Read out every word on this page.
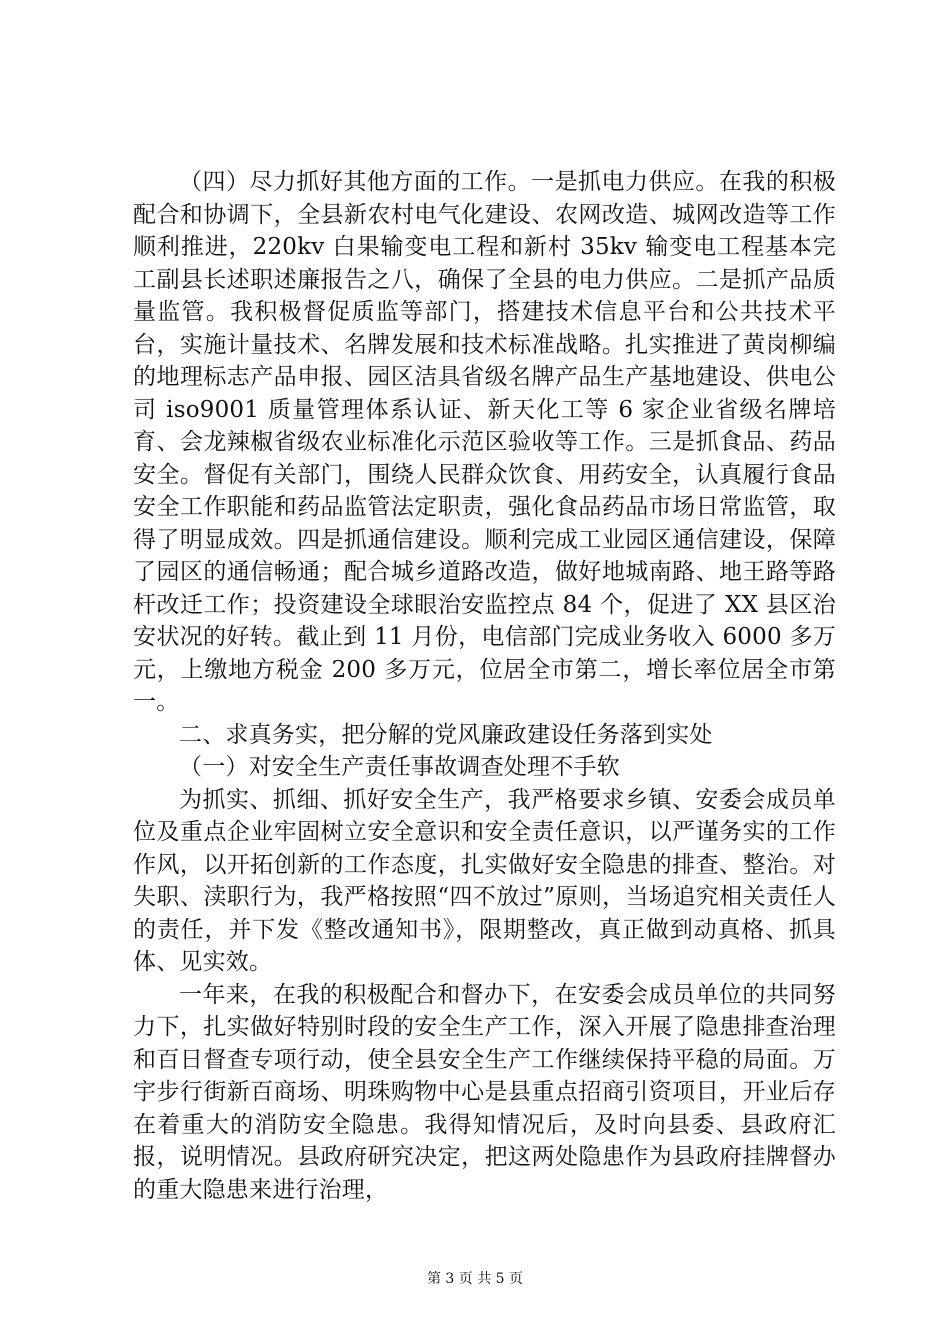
（四）尽力抓好其他方面的工作。一是抓电力供应。在我的积极配合和协调下，全县新农村电气化建设、农网改造、城网改造等工作顺利推进，220kv 白果输变电工程和新村 35kv 输变电工程基本完工副县长述职述廉报告之八，确保了全县的电力供应。二是抓产品质量监管。我积极督促质监等部门，搭建技术信息平台和公共技术平台，实施计量技术、名牌发展和技术标准战略。扎实推进了黄岗柳编的地理标志产品申报、园区洁具省级名牌产品生产基地建设、供电公司 iso9001 质量管理体系认证、新天化工等 6 家企业省级名牌培育、会龙辣椒省级农业标准化示范区验收等工作。三是抓食品、药品安全。督促有关部门，围绕人民群众饮食、用药安全，认真履行食品安全工作职能和药品监管法定职责，强化食品药品市场日常监管，取得了明显成效。四是抓通信建设。顺利完成工业园区通信建设，保障了园区的通信畅通；配合城乡道路改造，做好地城南路、地王路等路杆改迁工作；投资建设全球眼治安监控点 84 个，促进了 XX 县区治安状况的好转。截止到 11 月份，电信部门完成业务收入 6000 多万元，上缴地方税金 200 多万元，位居全市第二，增长率位居全市第一。

二、求真务实，把分解的党风廉政建设任务落到实处

（一）对安全生产责任事故调查处理不手软

为抓实、抓细、抓好安全生产，我严格要求乡镇、安委会成员单位及重点企业牢固树立安全意识和安全责任意识，以严谨务实的工作作风，以开拓创新的工作态度，扎实做好安全隐患的排查、整治。对失职、渎职行为，我严格按照“四不放过”原则，当场追究相关责任人的责任，并下发《整改通知书》，限期整改，真正做到动真格、抓具体、见实效。

一年来，在我的积极配合和督办下，在安委会成员单位的共同努力下，扎实做好特别时段的安全生产工作，深入开展了隐患排查治理和百日督查专项行动，使全县安全生产工作继续保持平稳的局面。万宇步行街新百商场、明珠购物中心是县重点招商引资项目，开业后存在着重大的消防安全隐患。我得知情况后，及时向县委、县政府汇报，说明情况。县政府研究决定，把这两处隐患作为县政府挂牌督办的重大隐患来进行治理，

第 3 页 共 5 页
